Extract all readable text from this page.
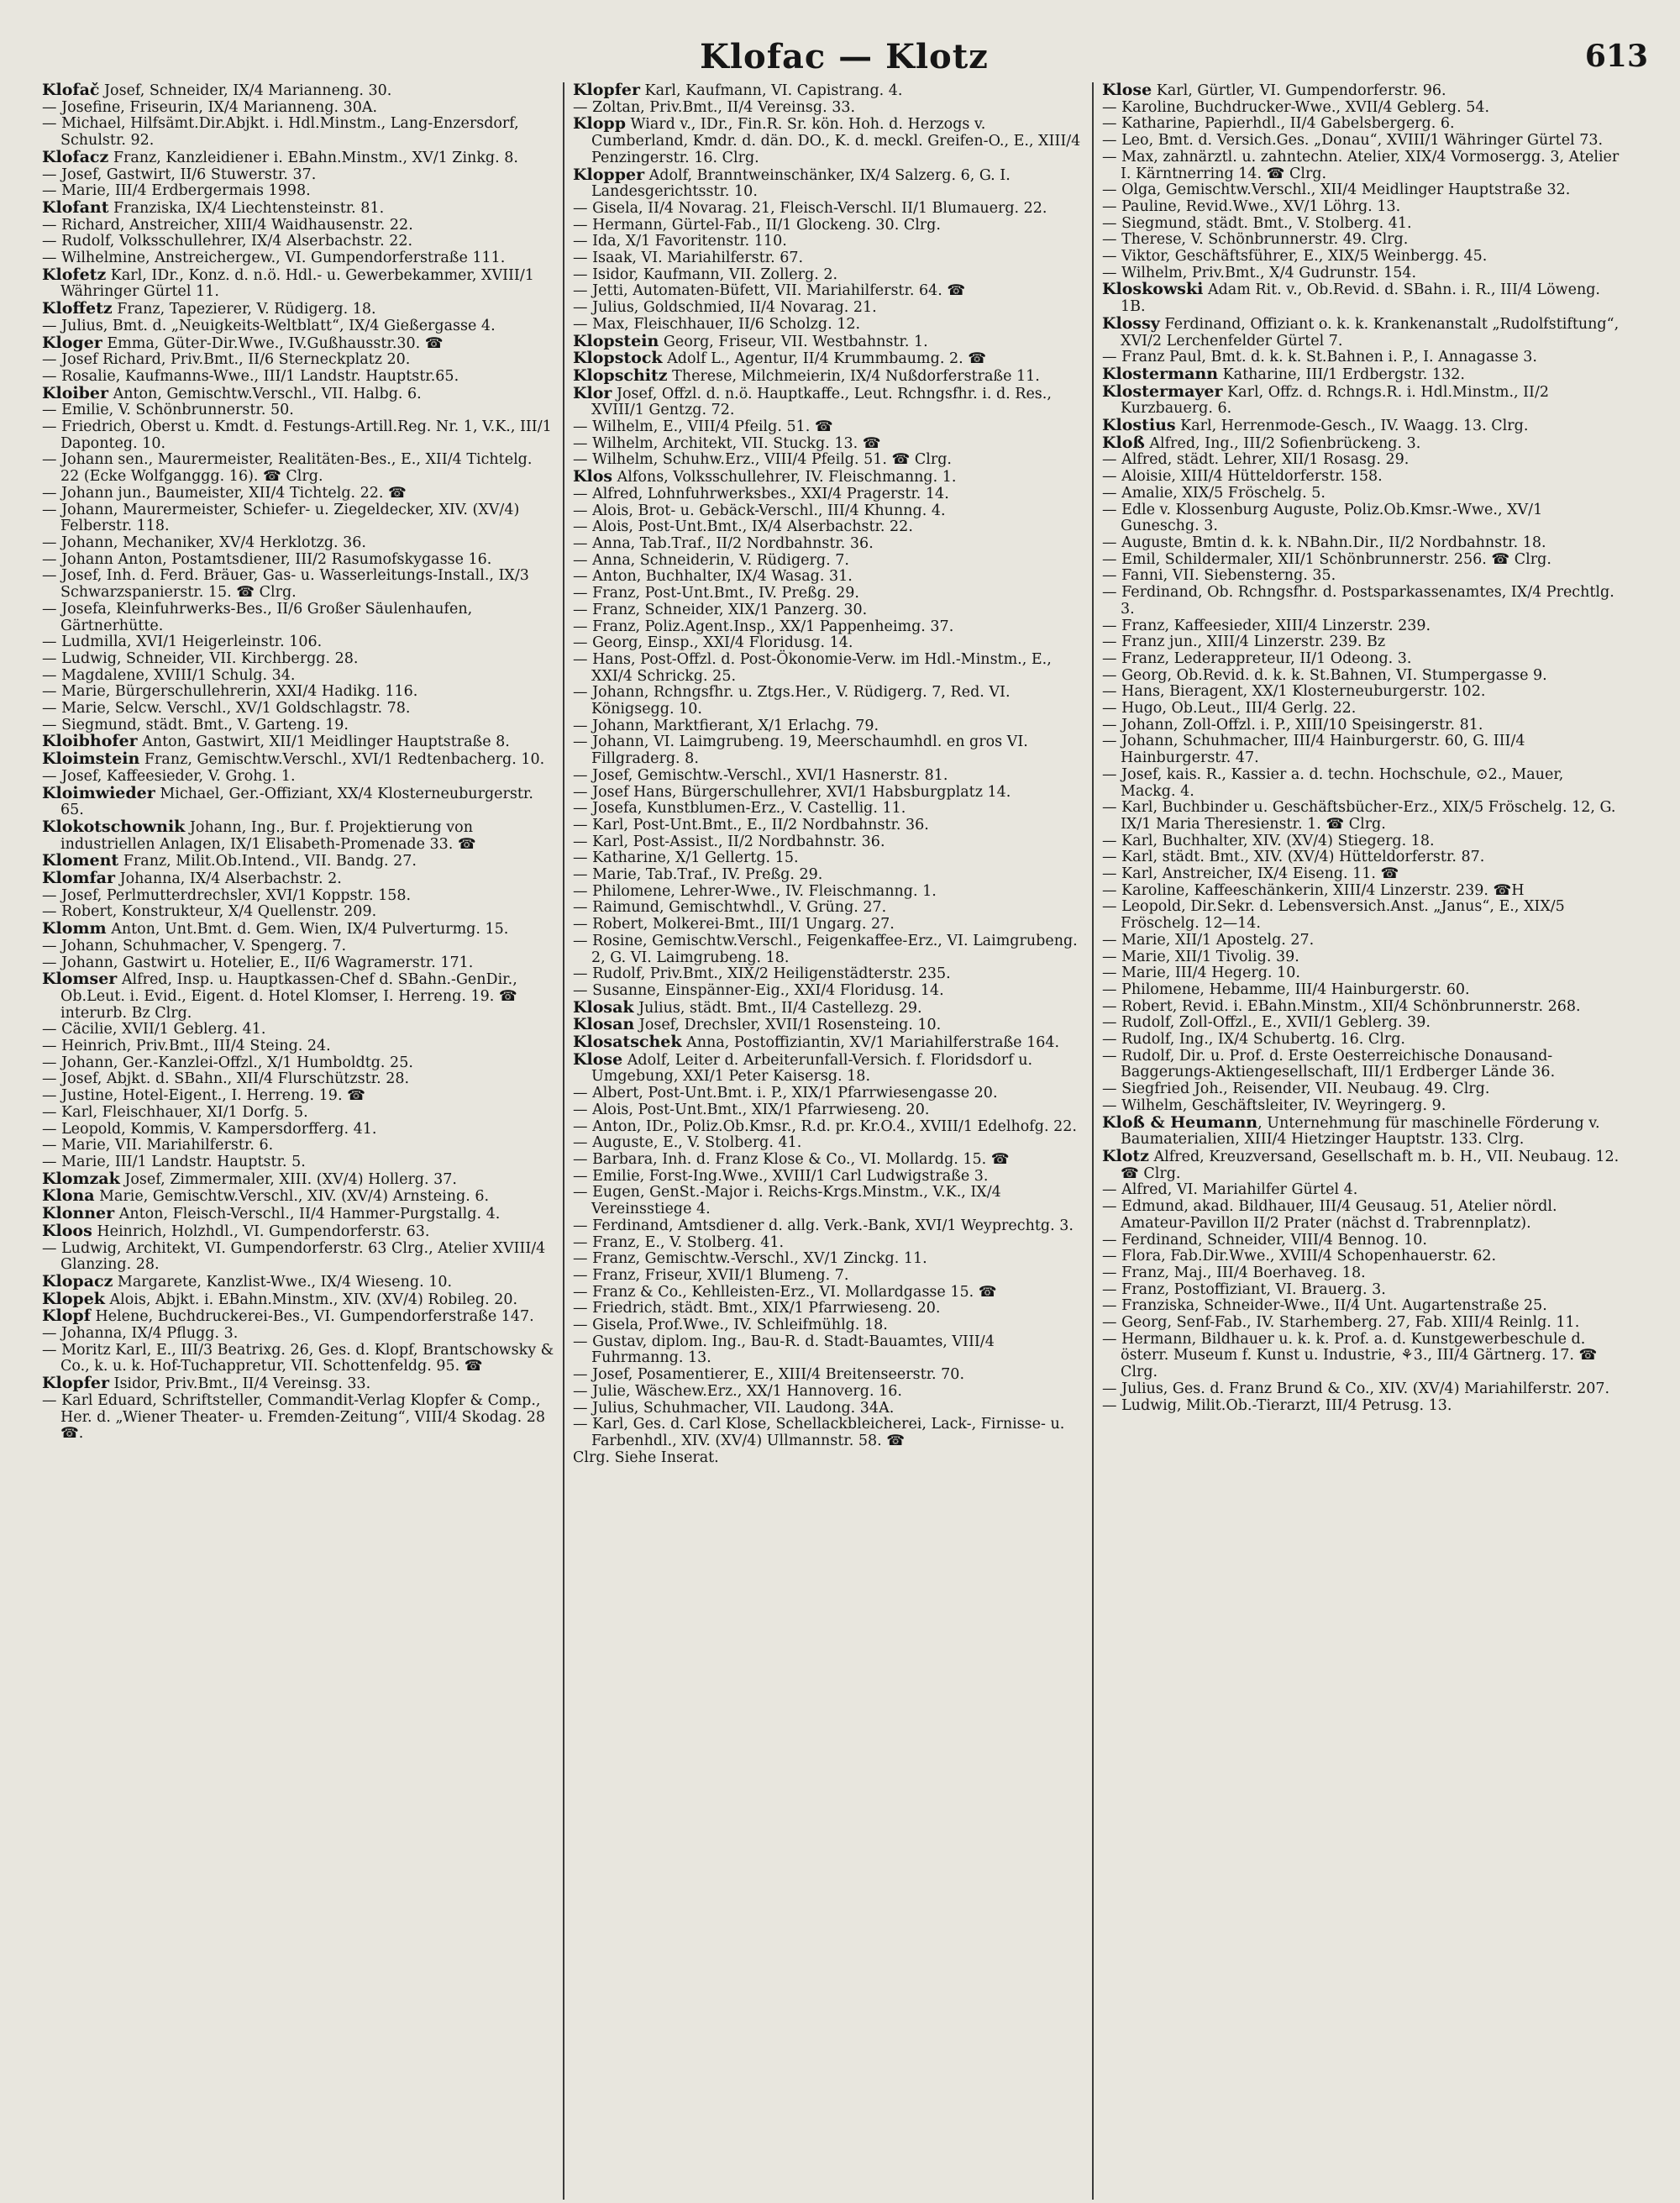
Klofac — Klotz	613

Klofač Josef, Schneider, IX/4 Marianneng. 30.

— Josefine, Friseurin, IX/4 Marianneng. 30A.

— Michael, Hilfsämt.Dir.Abjkt. i. Hdl.Minstm., Lang-Enzersdorf, Schulstr. 92.

Klofacz Franz, Kanzleidiener i. EBahn.Minstm., XV/1 Zinkg. 8.

— Josef, Gastwirt, II/6 Stuwerstr. 37.

— Marie, III/4 Erdbergermais 1998.

Klofant Franziska, IX/4 Liechtensteinstr. 81.

— Richard, Anstreicher, XIII/4 Waidhausenstr. 22.

— Rudolf, Volksschullehrer, IX/4 Alserbachstr. 22.

— Wilhelmine, Anstreichergew., VI. Gumpendorferstraße 111.

Klofetz Karl, IDr., Konz. d. n.ö. Hdl.- u. Gewerbekammer, XVIII/1 Währinger Gürtel 11.

Kloffetz Franz, Tapezierer, V. Rüdigerg. 18.

— Julius, Bmt. d. „Neuigkeits-Weltblatt“, IX/4 Gießergasse 4.

Kloger Emma, Güter-Dir.Wwe., IV.Gußhausstr.30. ☎

— Josef Richard, Priv.Bmt., II/6 Sterneckplatz 20.

— Rosalie, Kaufmanns-Wwe., III/1 Landstr. Hauptstr.65.

Kloiber Anton, Gemischtw.Verschl., VII. Halbg. 6.

— Emilie, V. Schönbrunnerstr. 50.

— Friedrich, Oberst u. Kmdt. d. Festungs-Artill.Reg. Nr. 1, V.K., III/1 Daponteg. 10.

— Johann sen., Maurermeister, Realitäten-Bes., E., XII/4 Tichtelg. 22 (Ecke Wolfganggg. 16). ☎ Clrg.

— Johann jun., Baumeister, XII/4 Tichtelg. 22. ☎

— Johann, Maurermeister, Schiefer- u. Ziegeldecker, XIV. (XV/4) Felberstr. 118.

— Johann, Mechaniker, XV/4 Herklotzg. 36.

— Johann Anton, Postamtsdiener, III/2 Rasumofskygasse 16.

— Josef, Inh. d. Ferd. Bräuer, Gas- u. Wasserleitungs-Install., IX/3 Schwarzspanierstr. 15. ☎ Clrg.

— Josefa, Kleinfuhrwerks-Bes., II/6 Großer Säulenhaufen, Gärtnerhütte.

— Ludmilla, XVI/1 Heigerleinstr. 106.

— Ludwig, Schneider, VII. Kirchbergg. 28.

— Magdalene, XVIII/1 Schulg. 34.

— Marie, Bürgerschullehrerin, XXI/4 Hadikg. 116.

— Marie, Selcw. Verschl., XV/1 Goldschlagstr. 78.

— Siegmund, städt. Bmt., V. Garteng. 19.

Kloibhofer Anton, Gastwirt, XII/1 Meidlinger Hauptstraße 8.

Kloimstein Franz, Gemischtw.Verschl., XVI/1 Redtenbacherg. 10.

— Josef, Kaffeesieder, V. Grohg. 1.

Kloimwieder Michael, Ger.-Offiziant, XX/4 Klosterneuburgerstr. 65.

Klokotschownik Johann, Ing., Bur. f. Projektierung von industriellen Anlagen, IX/1 Elisabeth-Promenade 33. ☎

Kloment Franz, Milit.Ob.Intend., VII. Bandg. 27.

Klomfar Johanna, IX/4 Alserbachstr. 2.

— Josef, Perlmutterdrechsler, XVI/1 Koppstr. 158.

— Robert, Konstrukteur, X/4 Quellenstr. 209.

Klomm Anton, Unt.Bmt. d. Gem. Wien, IX/4 Pulverturmg. 15.

— Johann, Schuhmacher, V. Spengerg. 7.

— Johann, Gastwirt u. Hotelier, E., II/6 Wagramerstr. 171.

Klomser Alfred, Insp. u. Hauptkassen-Chef d. SBahn.-GenDir., Ob.Leut. i. Evid., Eigent. d. Hotel Klomser, I. Herreng. 19. ☎ interurb. Bz Clrg.

— Cäcilie, XVII/1 Geblerg. 41.

— Heinrich, Priv.Bmt., III/4 Steing. 24.

— Johann, Ger.-Kanzlei-Offzl., X/1 Humboldtg. 25.

— Josef, Abjkt. d. SBahn., XII/4 Flurschützstr. 28.

— Justine, Hotel-Eigent., I. Herreng. 19. ☎

— Karl, Fleischhauer, XI/1 Dorfg. 5.

— Leopold, Kommis, V. Kampersdorfferg. 41.

— Marie, VII. Mariahilferstr. 6.

— Marie, III/1 Landstr. Hauptstr. 5.

Klomzak Josef, Zimmermaler, XIII. (XV/4) Hollerg. 37.

Klona Marie, Gemischtw.Verschl., XIV. (XV/4) Arnsteing. 6.

Klonner Anton, Fleisch-Verschl., II/4 Hammer-Purgstallg. 4.

Kloos Heinrich, Holzhdl., VI. Gumpendorferstr. 63.

— Ludwig, Architekt, VI. Gumpendorferstr. 63 Clrg., Atelier XVIII/4 Glanzing. 28.

Klopacz Margarete, Kanzlist-Wwe., IX/4 Wieseng. 10.

Klopek Alois, Abjkt. i. EBahn.Minstm., XIV. (XV/4) Robileg. 20.

Klopf Helene, Buchdruckerei-Bes., VI. Gumpendorferstraße 147.

— Johanna, IX/4 Pflugg. 3.

— Moritz Karl, E., III/3 Beatrixg. 26, Ges. d. Klopf, Brantschowsky & Co., k. u. k. Hof-Tuchappretur, VII. Schottenfeldg. 95. ☎

Klopfer Isidor, Priv.Bmt., II/4 Vereinsg. 33.

— Karl Eduard, Schriftsteller, Commandit-Verlag Klopfer & Comp., Her. d. „Wiener Theater- u. Fremden-Zeitung“, VIII/4 Skodag. 28 ☎.

Klopfer Karl, Kaufmann, VI. Capistrang. 4.

— Zoltan, Priv.Bmt., II/4 Vereinsg. 33.

Klopp Wiard v., IDr., Fin.R. Sr. kön. Hoh. d. Herzogs v. Cumberland, Kmdr. d. dän. DO., K. d. meckl. Greifen-O., E., XIII/4 Penzingerstr. 16. Clrg.

Klopper Adolf, Branntweinschänker, IX/4 Salzerg. 6, G. I. Landesgerichtsstr. 10.

— Gisela, II/4 Novarag. 21, Fleisch-Verschl. II/1 Blumauerg. 22.

— Hermann, Gürtel-Fab., II/1 Glockeng. 30. Clrg.

— Ida, X/1 Favoritenstr. 110.

— Isaak, VI. Mariahilferstr. 67.

— Isidor, Kaufmann, VII. Zollerg. 2.

— Jetti, Automaten-Büfett, VII. Mariahilferstr. 64. ☎

— Julius, Goldschmied, II/4 Novarag. 21.

— Max, Fleischhauer, II/6 Scholzg. 12.

Klopstein Georg, Friseur, VII. Westbahnstr. 1.

Klopstock Adolf L., Agentur, II/4 Krummbaumg. 2. ☎

Klopschitz Therese, Milchmeierin, IX/4 Nußdorferstraße 11.

Klor Josef, Offzl. d. n.ö. Hauptkaffe., Leut. Rchngsfhr. i. d. Res., XVIII/1 Gentzg. 72.

— Wilhelm, E., VIII/4 Pfeilg. 51. ☎

— Wilhelm, Architekt, VII. Stuckg. 13. ☎

— Wilhelm, Schuhw.Erz., VIII/4 Pfeilg. 51. ☎ Clrg.

Klos Alfons, Volksschullehrer, IV. Fleischmanng. 1.

— Alfred, Lohnfuhrwerksbes., XXI/4 Pragerstr. 14.

— Alois, Brot- u. Gebäck-Verschl., III/4 Khunng. 4.

— Alois, Post-Unt.Bmt., IX/4 Alserbachstr. 22.

— Anna, Tab.Traf., II/2 Nordbahnstr. 36.

— Anna, Schneiderin, V. Rüdigerg. 7.

— Anton, Buchhalter, IX/4 Wasag. 31.

— Franz, Post-Unt.Bmt., IV. Preßg. 29.

— Franz, Schneider, XIX/1 Panzerg. 30.

— Franz, Poliz.Agent.Insp., XX/1 Pappenheimg. 37.

— Georg, Einsp., XXI/4 Floridusg. 14.

— Hans, Post-Offzl. d. Post-Ökonomie-Verw. im Hdl.-Minstm., E., XXI/4 Schrickg. 25.

— Johann, Rchngsfhr. u. Ztgs.Her., V. Rüdigerg. 7, Red. VI. Königsegg. 10.

— Johann, Marktfierant, X/1 Erlachg. 79.

— Johann, VI. Laimgrubeng. 19, Meerschaumhdl. en gros VI. Fillgraderg. 8.

— Josef, Gemischtw.-Verschl., XVI/1 Hasnerstr. 81.

— Josef Hans, Bürgerschullehrer, XVI/1 Habsburgplatz 14.

— Josefa, Kunstblumen-Erz., V. Castellig. 11.

— Karl, Post-Unt.Bmt., E., II/2 Nordbahnstr. 36.

— Karl, Post-Assist., II/2 Nordbahnstr. 36.

— Katharine, X/1 Gellertg. 15.

— Marie, Tab.Traf., IV. Preßg. 29.

— Philomene, Lehrer-Wwe., IV. Fleischmanng. 1.

— Raimund, Gemischtwhdl., V. Grüng. 27.

— Robert, Molkerei-Bmt., III/1 Ungarg. 27.

— Rosine, Gemischtw.Verschl., Feigenkaffee-Erz., VI. Laimgrubeng. 2, G. VI. Laimgrubeng. 18.

— Rudolf, Priv.Bmt., XIX/2 Heiligenstädterstr. 235.

— Susanne, Einspänner-Eig., XXI/4 Floridusg. 14.

Klosak Julius, städt. Bmt., II/4 Castellezg. 29.

Klosan Josef, Drechsler, XVII/1 Rosensteing. 10.

Klosatschek Anna, Postoffiziantin, XV/1 Mariahilferstraße 164.

Klose Adolf, Leiter d. Arbeiterunfall-Versich. f. Floridsdorf u. Umgebung, XXI/1 Peter Kaisersg. 18.

— Albert, Post-Unt.Bmt. i. P., XIX/1 Pfarrwiesengasse 20.

— Alois, Post-Unt.Bmt., XIX/1 Pfarrwieseng. 20.

— Anton, IDr., Poliz.Ob.Kmsr., R.d. pr. Kr.O.4., XVIII/1 Edelhofg. 22.

— Auguste, E., V. Stolberg. 41.

— Barbara, Inh. d. Franz Klose & Co., VI. Mollardg. 15. ☎

— Emilie, Forst-Ing.Wwe., XVIII/1 Carl Ludwigstraße 3.

— Eugen, GenSt.-Major i. Reichs-Krgs.Minstm., V.K., IX/4 Vereinsstiege 4.

— Ferdinand, Amtsdiener d. allg. Verk.-Bank, XVI/1 Weyprechtg. 3.

— Franz, E., V. Stolberg. 41.

— Franz, Gemischtw.-Verschl., XV/1 Zinckg. 11.

— Franz, Friseur, XVII/1 Blumeng. 7.

— Franz & Co., Kehlleisten-Erz., VI. Mollardgasse 15. ☎

— Friedrich, städt. Bmt., XIX/1 Pfarrwieseng. 20.

— Gisela, Prof.Wwe., IV. Schleifmühlg. 18.

— Gustav, diplom. Ing., Bau-R. d. Stadt-Bauamtes, VIII/4 Fuhrmanng. 13.

— Josef, Posamentierer, E., XIII/4 Breitenseerstr. 70.

— Julie, Wäschew.Erz., XX/1 Hannoverg. 16.

— Julius, Schuhmacher, VII. Laudong. 34A.

— Karl, Ges. d. Carl Klose, Schellackbleicherei, Lack-, Firnisse- u. Farbenhdl., XIV. (XV/4) Ullmannstr. 58. ☎

Clrg. Siehe Inserat.

Klose Karl, Gürtler, VI. Gumpendorferstr. 96.

— Karoline, Buchdrucker-Wwe., XVII/4 Geblerg. 54.

— Katharine, Papierhdl., II/4 Gabelsbergerg. 6.

— Leo, Bmt. d. Versich.Ges. „Donau“, XVIII/1 Währinger Gürtel 73.

— Max, zahnärztl. u. zahntechn. Atelier, XIX/4 Vormosergg. 3, Atelier I. Kärntnerring 14. ☎ Clrg.

— Olga, Gemischtw.Verschl., XII/4 Meidlinger Hauptstraße 32.

— Pauline, Revid.Wwe., XV/1 Löhrg. 13.

— Siegmund, städt. Bmt., V. Stolberg. 41.

— Therese, V. Schönbrunnerstr. 49. Clrg.

— Viktor, Geschäftsführer, E., XIX/5 Weinbergg. 45.

— Wilhelm, Priv.Bmt., X/4 Gudrunstr. 154.

Kloskowski Adam Rit. v., Ob.Revid. d. SBahn. i. R., III/4 Löweng. 1B.

Klossy Ferdinand, Offiziant o. k. k. Krankenanstalt „Rudolfstiftung“, XVI/2 Lerchenfelder Gürtel 7.

— Franz Paul, Bmt. d. k. k. St.Bahnen i. P., I. Annagasse 3.

Klostermann Katharine, III/1 Erdbergstr. 132.

Klostermayer Karl, Offz. d. Rchngs.R. i. Hdl.Minstm., II/2 Kurzbauerg. 6.

Klostius Karl, Herrenmode-Gesch., IV. Waagg. 13. Clrg.

Kloß Alfred, Ing., III/2 Sofienbrückeng. 3.

— Alfred, städt. Lehrer, XII/1 Rosasg. 29.

— Aloisie, XIII/4 Hütteldorferstr. 158.

— Amalie, XIX/5 Fröschelg. 5.

— Edle v. Klossenburg Auguste, Poliz.Ob.Kmsr.-Wwe., XV/1 Guneschg. 3.

— Auguste, Bmtin d. k. k. NBahn.Dir., II/2 Nordbahnstr. 18.

— Emil, Schildermaler, XII/1 Schönbrunnerstr. 256. ☎ Clrg.

— Fanni, VII. Siebensterng. 35.

— Ferdinand, Ob. Rchngsfhr. d. Postsparkassenamtes, IX/4 Prechtlg. 3.

— Franz, Kaffeesieder, XIII/4 Linzerstr. 239.

— Franz jun., XIII/4 Linzerstr. 239. Bz

— Franz, Lederappreteur, II/1 Odeong. 3.

— Georg, Ob.Revid. d. k. k. St.Bahnen, VI. Stumpergasse 9.

— Hans, Bieragent, XX/1 Klosterneuburgerstr. 102.

— Hugo, Ob.Leut., III/4 Gerlg. 22.

— Johann, Zoll-Offzl. i. P., XIII/10 Speisingerstr. 81.

— Johann, Schuhmacher, III/4 Hainburgerstr. 60, G. III/4 Hainburgerstr. 47.

— Josef, kais. R., Kassier a. d. techn. Hochschule, ⊙2., Mauer, Mackg. 4.

— Karl, Buchbinder u. Geschäftsbücher-Erz., XIX/5 Fröschelg. 12, G. IX/1 Maria Theresienstr. 1. ☎ Clrg.

— Karl, Buchhalter, XIV. (XV/4) Stiegerg. 18.

— Karl, städt. Bmt., XIV. (XV/4) Hütteldorferstr. 87.

— Karl, Anstreicher, IX/4 Eiseng. 11. ☎

— Karoline, Kaffeeschänkerin, XIII/4 Linzerstr. 239. ☎H

— Leopold, Dir.Sekr. d. Lebensversich.Anst. „Janus“, E., XIX/5 Fröschelg. 12—14.

— Marie, XII/1 Apostelg. 27.

— Marie, XII/1 Tivolig. 39.

— Marie, III/4 Hegerg. 10.

— Philomene, Hebamme, III/4 Hainburgerstr. 60.

— Robert, Revid. i. EBahn.Minstm., XII/4 Schönbrunnerstr. 268.

— Rudolf, Zoll-Offzl., E., XVII/1 Geblerg. 39.

— Rudolf, Ing., IX/4 Schubertg. 16. Clrg.

— Rudolf, Dir. u. Prof. d. Erste Oesterreichische Donausand-Baggerungs-Aktiengesellschaft, III/1 Erdberger Lände 36.

— Siegfried Joh., Reisender, VII. Neubaug. 49. Clrg.

— Wilhelm, Geschäftsleiter, IV. Weyringerg. 9.

Kloß & Heumann, Unternehmung für maschinelle Förderung v. Baumaterialien, XIII/4 Hietzinger Hauptstr. 133. Clrg.

Klotz Alfred, Kreuzversand, Gesellschaft m. b. H., VII. Neubaug. 12. ☎ Clrg.

— Alfred, VI. Mariahilfer Gürtel 4.

— Edmund, akad. Bildhauer, III/4 Geusaug. 51, Atelier nördl. Amateur-Pavillon II/2 Prater (nächst d. Trabrennplatz).

— Ferdinand, Schneider, VIII/4 Bennog. 10.

— Flora, Fab.Dir.Wwe., XVIII/4 Schopenhauerstr. 62.

— Franz, Maj., III/4 Boerhaveg. 18.

— Franz, Postoffiziant, VI. Brauerg. 3.

— Franziska, Schneider-Wwe., II/4 Unt. Augartenstraße 25.

— Georg, Senf-Fab., IV. Starhemberg. 27, Fab. XIII/4 Reinlg. 11.

— Hermann, Bildhauer u. k. k. Prof. a. d. Kunstgewerbeschule d. österr. Museum f. Kunst u. Industrie, ⚘3., III/4 Gärtnerg. 17. ☎ Clrg.

— Julius, Ges. d. Franz Brund & Co., XIV. (XV/4) Mariahilferstr. 207.

— Ludwig, Milit.Ob.-Tierarzt, III/4 Petrusg. 13.
